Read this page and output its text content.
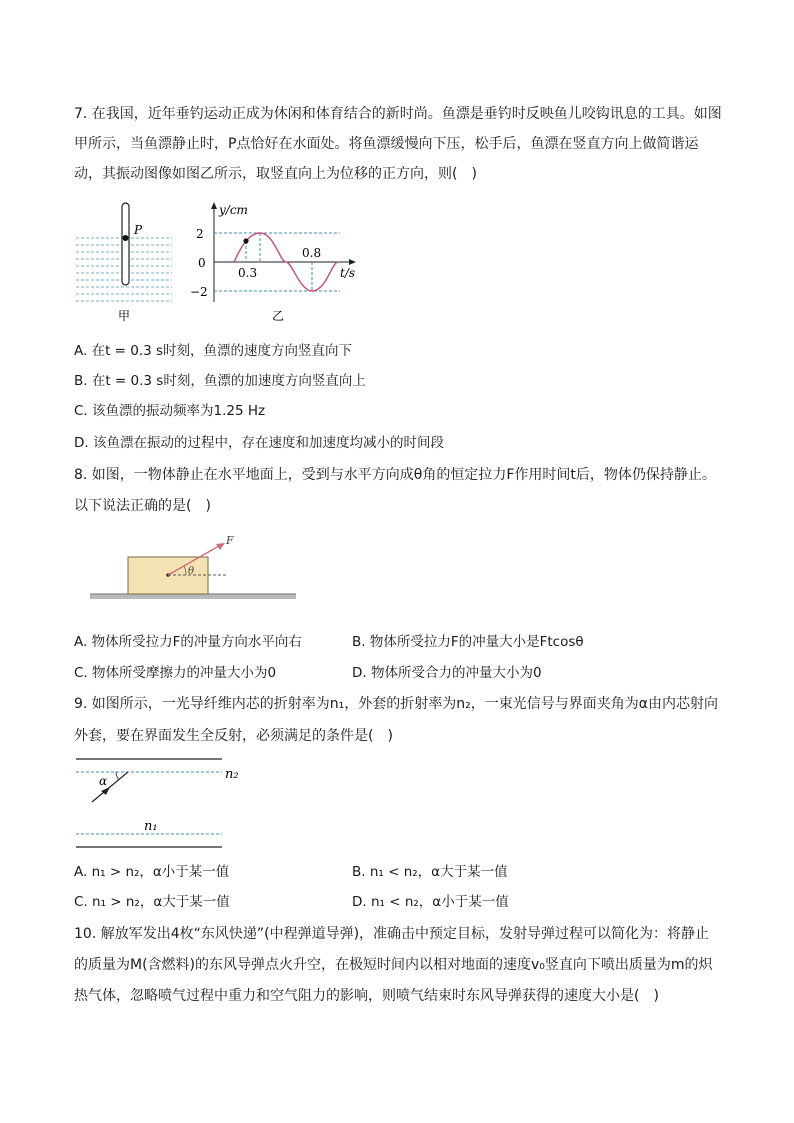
7. 在我国，近年垂钓运动正成为休闲和体育结合的新时尚。鱼漂是垂钓时反映鱼儿咬钩讯息的工具。如图
甲所示，当鱼漂静止时，P点恰好在水面处。将鱼漂缓慢向下压，松手后，鱼漂在竖直方向上做简谐运
动，其振动图像如图乙所示，取竖直向上为位移的正方向，则(　)
P
甲
y/cm
2
0
−2
0.3
0.8
t/s
乙
A. 在t = 0.3 s时刻，鱼漂的速度方向竖直向下
B. 在t = 0.3 s时刻，鱼漂的加速度方向竖直向上
C. 该鱼漂的振动频率为1.25 Hz
D. 该鱼漂在振动的过程中，存在速度和加速度均减小的时间段
8. 如图，一物体静止在水平地面上，受到与水平方向成θ角的恒定拉力F作用时间t后，物体仍保持静止。
以下说法正确的是(　)
F
θ
A. 物体所受拉力F的冲量方向水平向右	B. 物体所受拉力F的冲量大小是Ftcosθ
C. 物体所受摩擦力的冲量大小为0	D. 物体所受合力的冲量大小为0
9. 如图所示，一光导纤维内芯的折射率为n₁，外套的折射率为n₂，一束光信号与界面夹角为α由内芯射向
外套，要在界面发生全反射，必须满足的条件是(　)
α	n₂
n₁
A. n₁ > n₂，α小于某一值	B. n₁ < n₂，α大于某一值
C. n₁ > n₂，α大于某一值	D. n₁ < n₂，α小于某一值
10. 解放军发出4枚“东风快递”(中程弹道导弹)，准确击中预定目标，发射导弹过程可以简化为：将静止
的质量为M(含燃料)的东风导弹点火升空，在极短时间内以相对地面的速度v₀竖直向下喷出质量为m的炽
热气体，忽略喷气过程中重力和空气阻力的影响，则喷气结束时东风导弹获得的速度大小是(　)
